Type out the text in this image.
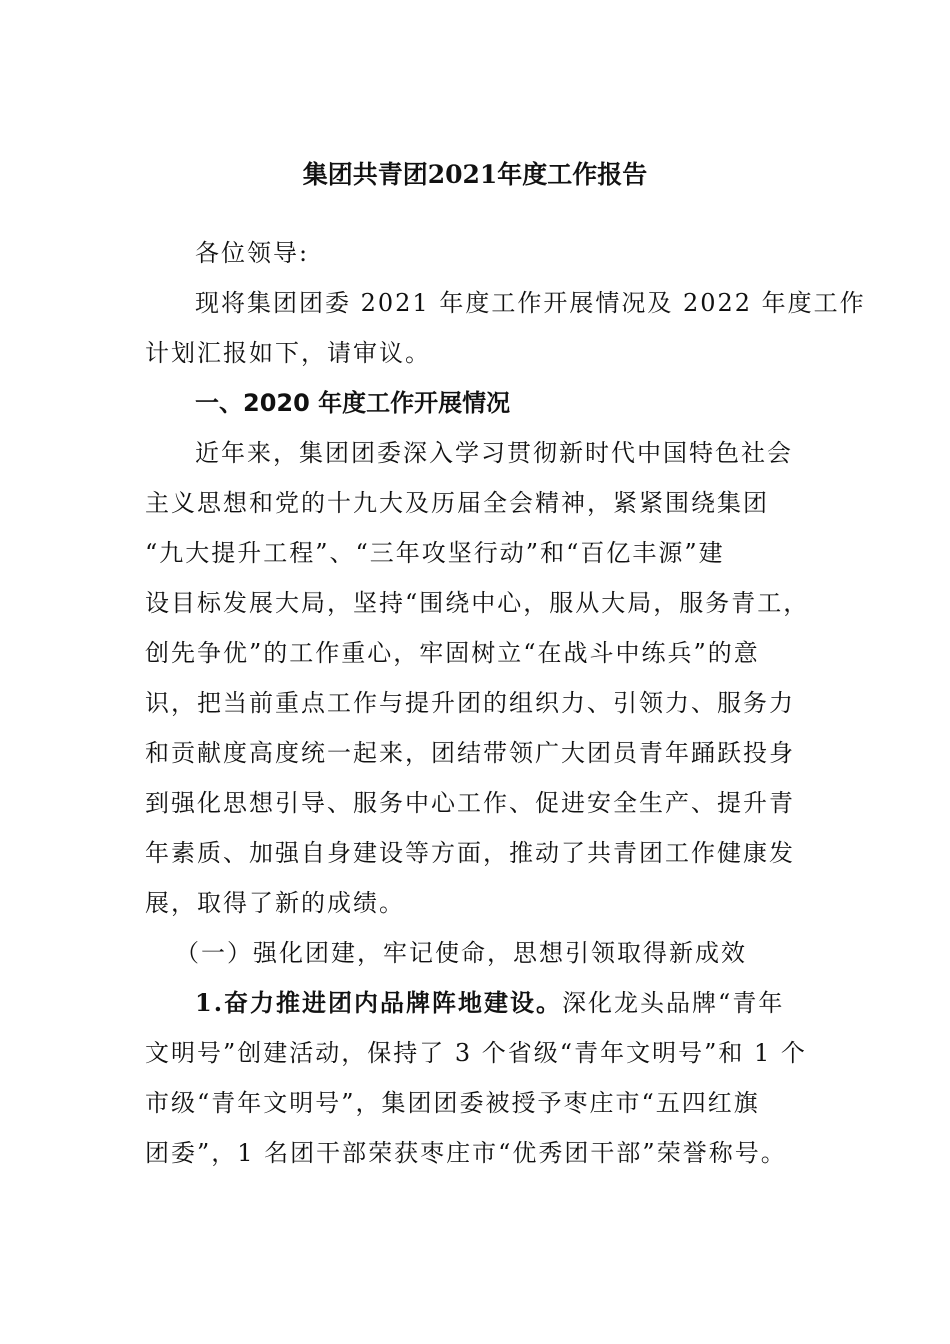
集团共青团2021年度工作报告
各位领导:
现将集团团委 2021 年度工作开展情况及 2022 年度工作
计划汇报如下，请审议。
一、2020 年度工作开展情况
近年来，集团团委深入学习贯彻新时代中国特色社会
主义思想和党的十九大及历届全会精神，紧紧围绕集团
“九大提升工程”、“三年攻坚行动”和“百亿丰源”建
设目标发展大局，坚持“围绕中心，服从大局，服务青工，
创先争优”的工作重心，牢固树立“在战斗中练兵”的意
识，把当前重点工作与提升团的组织力、引领力、服务力
和贡献度高度统一起来，团结带领广大团员青年踊跃投身
到强化思想引导、服务中心工作、促进安全生产、提升青
年素质、加强自身建设等方面，推动了共青团工作健康发
展，取得了新的成绩。
（一）强化团建，牢记使命，思想引领取得新成效
1.奋力推进团内品牌阵地建设。深化龙头品牌“青年
文明号”创建活动，保持了 3 个省级“青年文明号”和 1 个
市级“青年文明号”，集团团委被授予枣庄市“五四红旗
团委”，1 名团干部荣获枣庄市“优秀团干部”荣誉称号。
